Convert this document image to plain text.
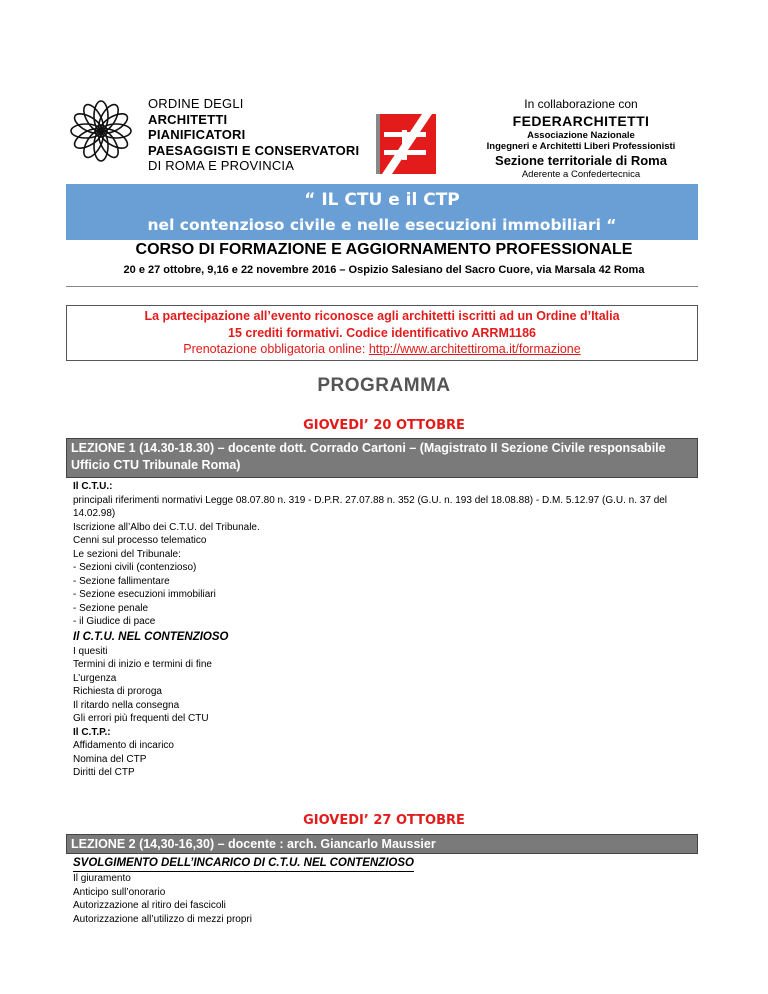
ORDINE DEGLI
ARCHITETTI
PIANIFICATORI
PAESAGGISTI E CONSERVATORI
DI ROMA E PROVINCIA
In collaborazione con
FEDERARCHITETTI
Associazione Nazionale
Ingegneri e Architetti Liberi Professionisti
Sezione territoriale di Roma
Aderente a Confedertecnica
“ IL CTU e il CTP
nel contenzioso civile e nelle esecuzioni immobiliari “
CORSO DI FORMAZIONE E AGGIORNAMENTO PROFESSIONALE
20 e 27 ottobre, 9,16 e 22 novembre 2016 – Ospizio Salesiano del Sacro Cuore, via Marsala 42 Roma
La partecipazione all’evento riconosce agli architetti iscritti ad un Ordine d’Italia
15 crediti formativi. Codice identificativo ARRM1186
Prenotazione obbligatoria online: http://www.architettiroma.it/formazione
PROGRAMMA
GIOVEDI’ 20 OTTOBRE
LEZIONE 1 (14.30-18.30) – docente dott. Corrado Cartoni – (Magistrato II Sezione Civile responsabile Ufficio CTU Tribunale Roma)
Il C.T.U.:
principali riferimenti normativi Legge 08.07.80 n. 319 - D.P.R. 27.07.88 n. 352 (G.U. n. 193 del 18.08.88) - D.M. 5.12.97 (G.U. n. 37 del 14.02.98)
Iscrizione all’Albo dei C.T.U. del Tribunale.
Cenni sul processo telematico
Le sezioni del Tribunale:
- Sezioni civili (contenzioso)
- Sezione fallimentare
- Sezione esecuzioni immobiliari
- Sezione penale
- il Giudice di pace
Il C.T.U. NEL CONTENZIOSO
I quesiti
Termini di inizio e termini di fine
L’urgenza
Richiesta di proroga
Il ritardo nella consegna
Gli errori più frequenti del CTU
Il C.T.P.:
Affidamento di incarico
Nomina del CTP
Diritti del CTP
GIOVEDI’ 27 OTTOBRE
LEZIONE 2 (14,30-16,30) – docente : arch. Giancarlo Maussier
SVOLGIMENTO DELL’INCARICO DI C.T.U. NEL CONTENZIOSO
Il giuramento
Anticipo sull’onorario
Autorizzazione al ritiro dei fascicoli
Autorizzazione all’utilizzo di mezzi propri
